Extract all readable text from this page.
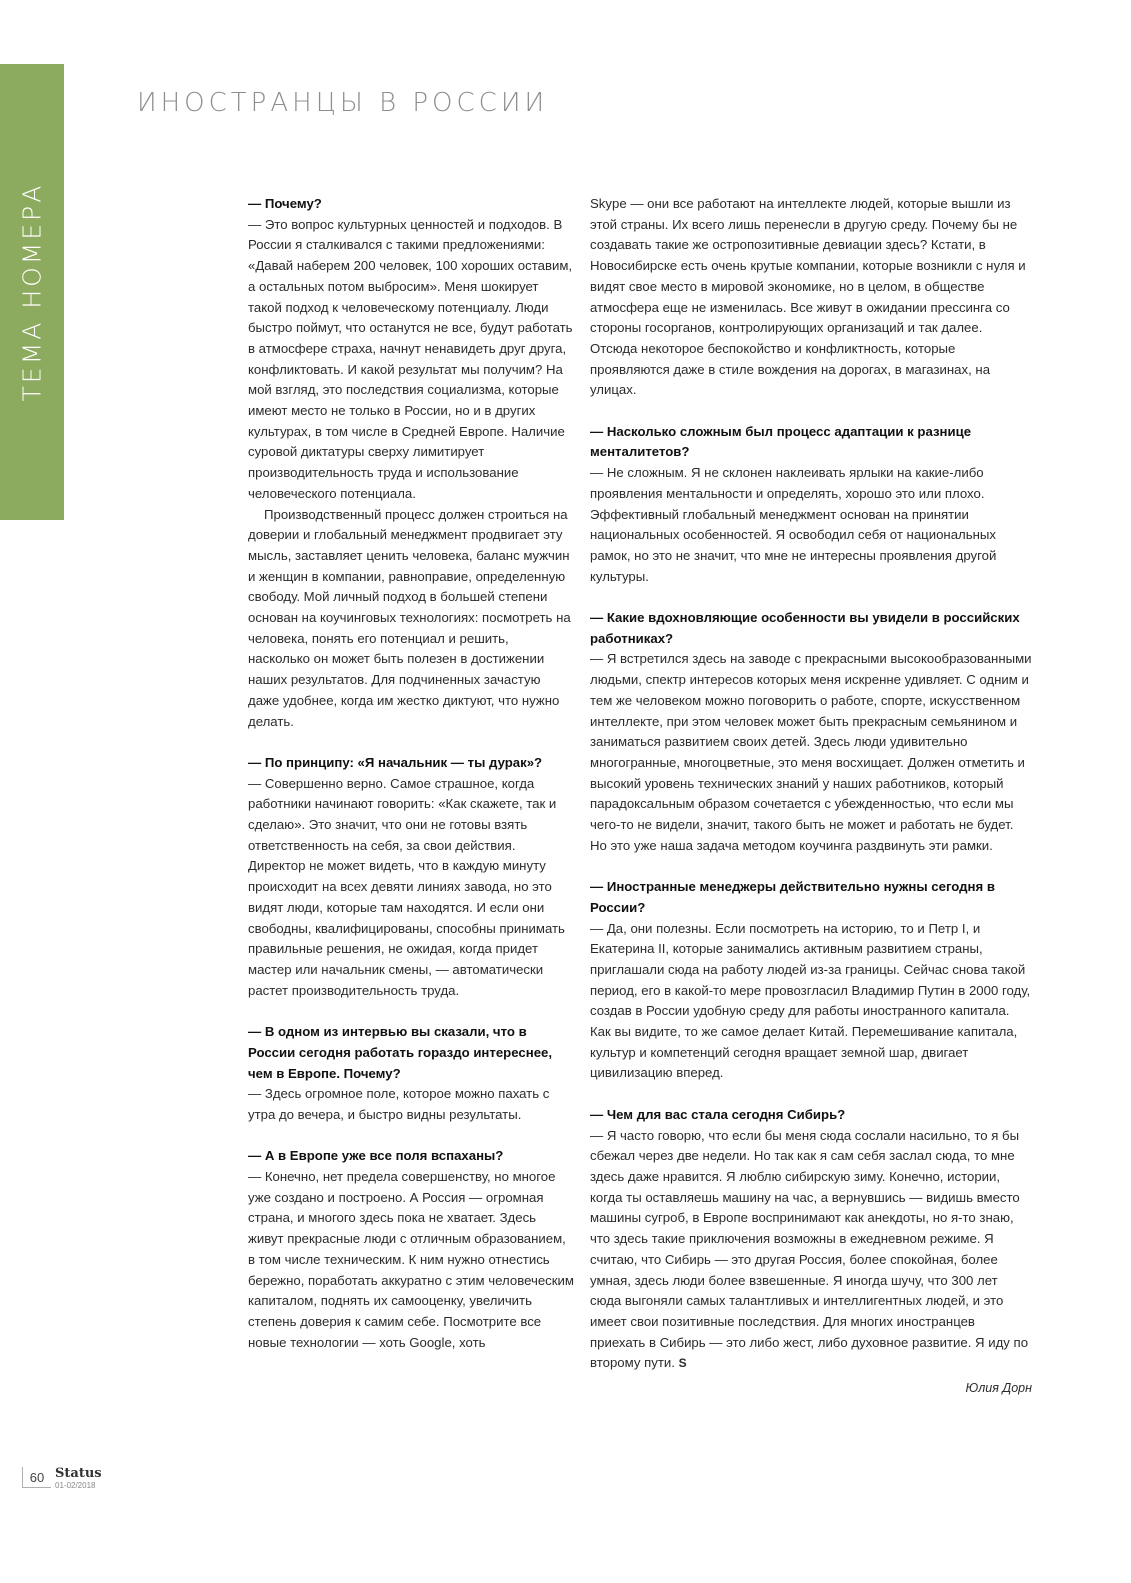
ТЕМА НОМЕРА
ИНОСТРАНЦЫ В РОССИИ

— Почему?

— Это вопрос культурных ценностей и подходов. В России я сталкивался с такими предложениями: «Давай наберем 200 человек, 100 хороших оставим, а остальных потом выбросим». Меня шокирует такой подход к человеческому потенциалу. Люди быстро поймут, что останутся не все, будут работать в атмосфере страха, начнут ненавидеть друг друга, конфликтовать. И какой результат мы получим? На мой взгляд, это последствия социализма, которые имеют место не только в России, но и в других культурах, в том числе в Средней Европе. Наличие суровой диктатуры сверху лимитирует производительность труда и использование человеческого потенциала.

Производственный процесс должен строиться на доверии и глобальный менеджмент продвигает эту мысль, заставляет ценить человека, баланс мужчин и женщин в компании, равноправие, определенную свободу. Мой личный подход в большей степени основан на коучинговых технологиях: посмотреть на человека, понять его потенциал и решить, насколько он может быть полезен в достижении наших результатов. Для подчиненных зачастую даже удобнее, когда им жестко диктуют, что нужно делать.

— По принципу: «Я начальник — ты дурак»?

— Совершенно верно. Самое страшное, когда работники начинают говорить: «Как скажете, так и сделаю». Это значит, что они не готовы взять ответственность на себя, за свои действия. Директор не может видеть, что в каждую минуту происходит на всех девяти линиях завода, но это видят люди, которые там находятся. И если они свободны, квалифицированы, способны принимать правильные решения, не ожидая, когда придет мастер или начальник смены, — автоматически растет производительность труда.

— В одном из интервью вы сказали, что в России сегодня работать гораздо интереснее, чем в Европе. Почему?

— Здесь огромное поле, которое можно пахать с утра до вечера, и быстро видны результаты.

— А в Европе уже все поля вспаханы?

— Конечно, нет предела совершенству, но многое уже создано и построено. А Россия — огромная страна, и многого здесь пока не хватает. Здесь живут прекрасные люди с отличным образованием, в том числе техническим. К ним нужно отнестись бережно, поработать аккуратно с этим человеческим капиталом, поднять их самооценку, увеличить степень доверия к самим себе. Посмотрите все новые технологии — хоть Google, хоть

Skype — они все работают на интеллекте людей, которые вышли из этой страны. Их всего лишь перенесли в другую среду. Почему бы не создавать такие же остропозитивные девиации здесь? Кстати, в Новосибирске есть очень крутые компании, которые возникли с нуля и видят свое место в мировой экономике, но в целом, в обществе атмосфера еще не изменилась. Все живут в ожидании прессинга со стороны госорганов, контролирующих организаций и так далее. Отсюда некоторое беспокойство и конфликтность, которые проявляются даже в стиле вождения на дорогах, в магазинах, на улицах.

— Насколько сложным был процесс адаптации к разнице менталитетов?

— Не сложным. Я не склонен наклеивать ярлыки на какие-либо проявления ментальности и определять, хорошо это или плохо. Эффективный глобальный менеджмент основан на принятии национальных особенностей. Я освободил себя от национальных рамок, но это не значит, что мне не интересны проявления другой культуры.

— Какие вдохновляющие особенности вы увидели в российских работниках?

— Я встретился здесь на заводе с прекрасными высокообразованными людьми, спектр интересов которых меня искренне удивляет. С одним и тем же человеком можно поговорить о работе, спорте, искусственном интеллекте, при этом человек может быть прекрасным семьянином и заниматься развитием своих детей. Здесь люди удивительно многогранные, многоцветные, это меня восхищает. Должен отметить и высокий уровень технических знаний у наших работников, который парадоксальным образом сочетается с убежденностью, что если мы чего-то не видели, значит, такого быть не может и работать не будет. Но это уже наша задача методом коучинга раздвинуть эти рамки.

— Иностранные менеджеры действительно нужны сегодня в России?

— Да, они полезны. Если посмотреть на историю, то и Петр I, и Екатерина II, которые занимались активным развитием страны, приглашали сюда на работу людей из-за границы. Сейчас снова такой период, его в какой-то мере провозгласил Владимир Путин в 2000 году, создав в России удобную среду для работы иностранного капитала. Как вы видите, то же самое делает Китай. Перемешивание капитала, культур и компетенций сегодня вращает земной шар, двигает цивилизацию вперед.

— Чем для вас стала сегодня Сибирь?

— Я часто говорю, что если бы меня сюда сослали насильно, то я бы сбежал через две недели. Но так как я сам себя заслал сюда, то мне здесь даже нравится. Я люблю сибирскую зиму. Конечно, истории, когда ты оставляешь машину на час, а вернувшись — видишь вместо машины сугроб, в Европе воспринимают как анекдоты, но я-то знаю, что здесь такие приключения возможны в ежедневном режиме. Я считаю, что Сибирь — это другая Россия, более спокойная, более умная, здесь люди более взвешенные. Я иногда шучу, что 300 лет сюда выгоняли самых талантливых и интеллигентных людей, и это имеет свои позитивные последствия. Для многих иностранцев приехать в Сибирь — это либо жест, либо духовное развитие. Я иду по второму пути. S

Юлия Дорн

60 Status
01-02/2018
